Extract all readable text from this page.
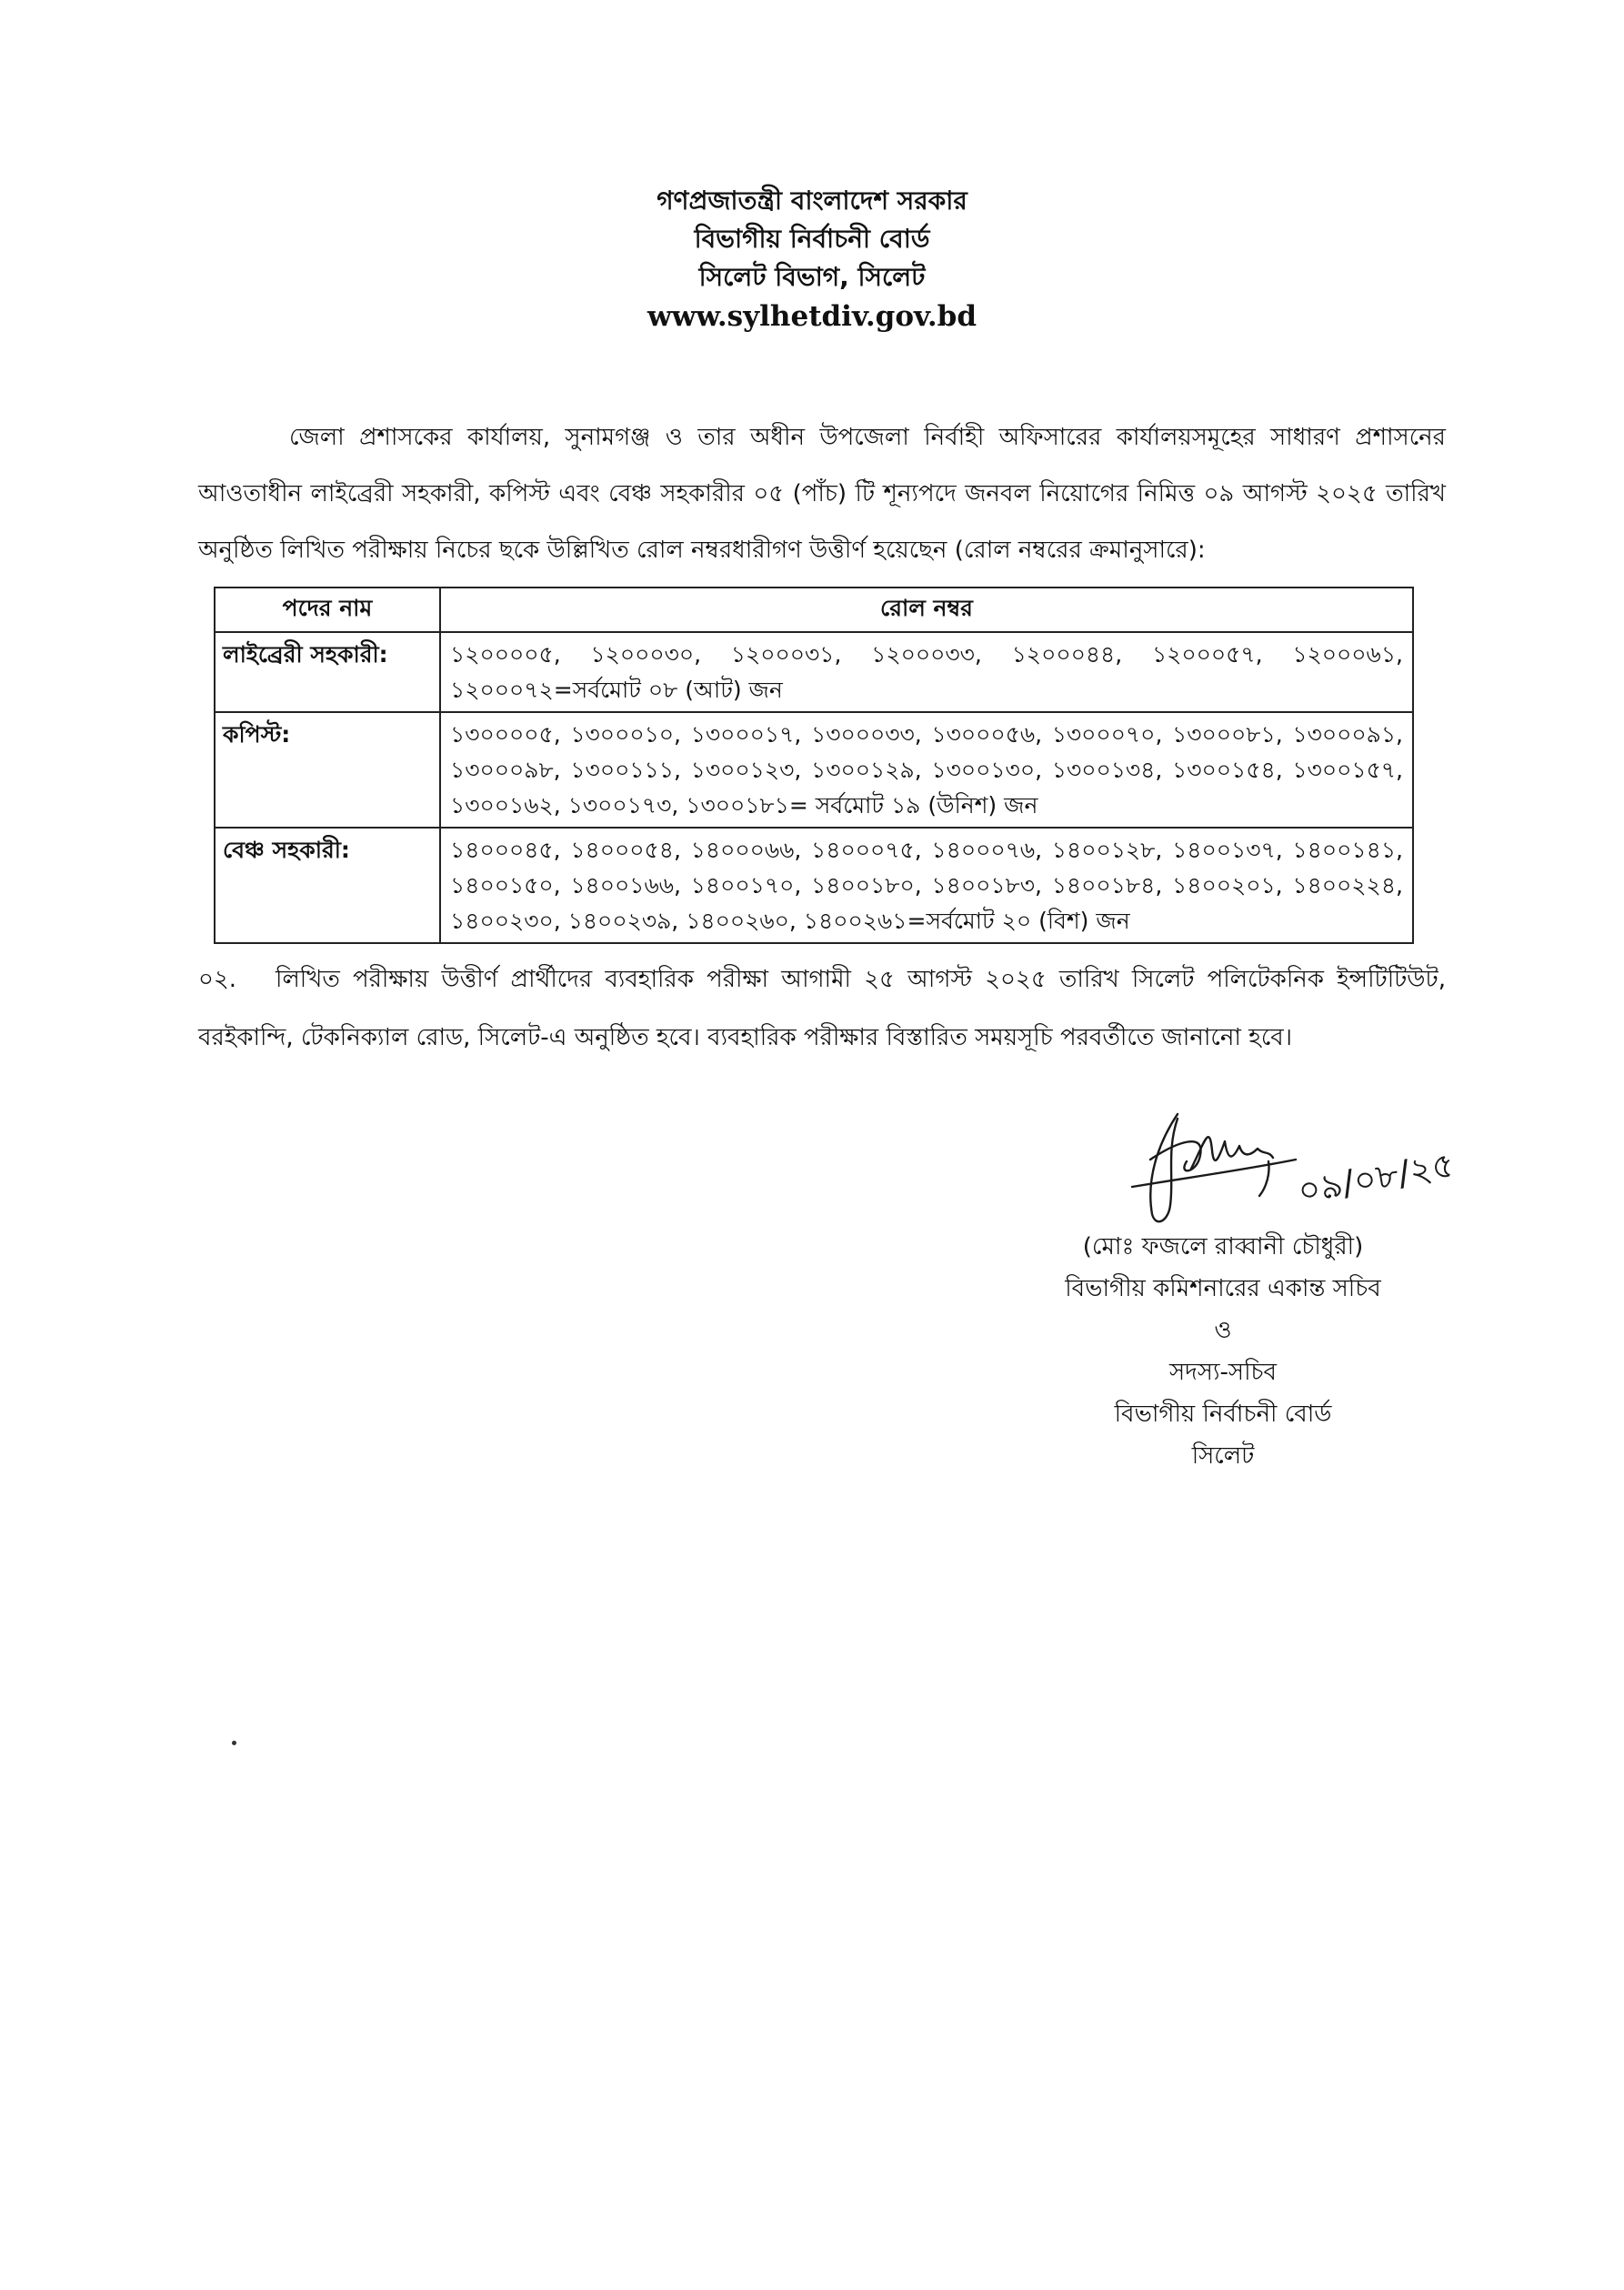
গণপ্রজাতন্ত্রী বাংলাদেশ সরকার
বিভাগীয় নির্বাচনী বোর্ড
সিলেট বিভাগ, সিলেট
www.sylhetdiv.gov.bd
জেলা প্রশাসকের কার্যালয়, সুনামগঞ্জ ও তার অধীন উপজেলা নির্বাহী অফিসারের কার্যালয়সমূহের সাধারণ প্রশাসনের আওতাধীন লাইব্রেরী সহকারী, কপিস্ট এবং বেঞ্চ সহকারীর ০৫ (পাঁচ) টি শূন্যপদে জনবল নিয়োগের নিমিত্ত ০৯ আগস্ট ২০২৫ তারিখ অনুষ্ঠিত লিখিত পরীক্ষায় নিচের ছকে উল্লিখিত রোল নম্বরধারীগণ উত্তীর্ণ হয়েছেন (রোল নম্বরের ক্রমানুসারে):
পদের নাম	রোল নম্বর
লাইব্রেরী সহকারী:	১২০০০০৫, ১২০০০৩০, ১২০০০৩১, ১২০০০৩৩, ১২০০০৪৪, ১২০০০৫৭, ১২০০০৬১, ১২০০০৭২=সর্বমোট ০৮ (আট) জন
কপিস্ট:	১৩০০০০৫, ১৩০০০১০, ১৩০০০১৭, ১৩০০০৩৩, ১৩০০০৫৬, ১৩০০০৭০, ১৩০০০৮১, ১৩০০০৯১, ১৩০০০৯৮, ১৩০০১১১, ১৩০০১২৩, ১৩০০১২৯, ১৩০০১৩০, ১৩০০১৩৪, ১৩০০১৫৪, ১৩০০১৫৭, ১৩০০১৬২, ১৩০০১৭৩, ১৩০০১৮১= সর্বমোট ১৯ (উনিশ) জন
বেঞ্চ সহকারী:	১৪০০০৪৫, ১৪০০০৫৪, ১৪০০০৬৬, ১৪০০০৭৫, ১৪০০০৭৬, ১৪০০১২৮, ১৪০০১৩৭, ১৪০০১৪১, ১৪০০১৫০, ১৪০০১৬৬, ১৪০০১৭০, ১৪০০১৮০, ১৪০০১৮৩, ১৪০০১৮৪, ১৪০০২০১, ১৪০০২২৪, ১৪০০২৩০, ১৪০০২৩৯, ১৪০০২৬০, ১৪০০২৬১=সর্বমোট ২০ (বিশ) জন
০২. লিখিত পরীক্ষায় উত্তীর্ণ প্রার্থীদের ব্যবহারিক পরীক্ষা আগামী ২৫ আগস্ট ২০২৫ তারিখ সিলেট পলিটেকনিক ইন্সটিটিউট, বরইকান্দি, টেকনিক্যাল রোড, সিলেট-এ অনুষ্ঠিত হবে। ব্যবহারিক পরীক্ষার বিস্তারিত সময়সূচি পরবর্তীতে জানানো হবে।
০৯/০৮/২৫
(মোঃ ফজলে রাব্বানী চৌধুরী)
বিভাগীয় কমিশনারের একান্ত সচিব
ও
সদস্য-সচিব
বিভাগীয় নির্বাচনী বোর্ড
সিলেট
